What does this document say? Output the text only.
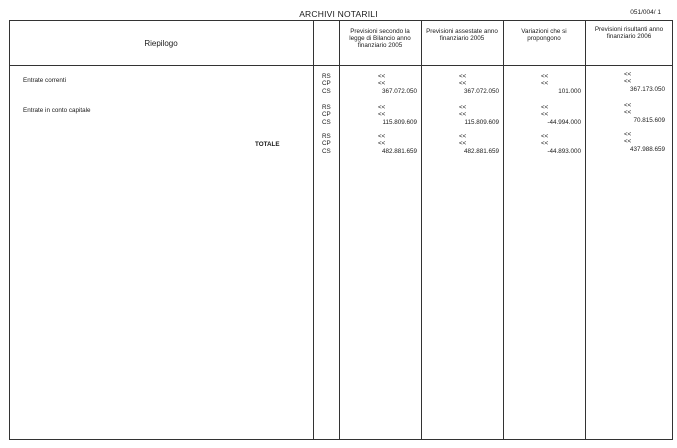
ARCHIVI NOTARILI	051/004/ 1
Riepilogo
Previsioni secondo la legge di Bilancio anno finanziario 2005
Previsioni assestate anno finanziario 2005
Variazioni che si propongono
Previsioni risultanti anno finanziario 2006
Entrate correnti
RS
CP
CS
<<
<<
367.072.050
<<
<<
367.072.050
<<
<<
101.000
<<
<<
367.173.050
Entrate in conto capitale	RS
CP
CS
<<
<<
115.809.609
<<
<<
115.809.609
<<
<<
-44.994.000
<<
<<
70.815.609
TOTALE
RS
CP
CS
<<
<<
482.881.659
<<
<<
482.881.659
<<
<<
-44.893.000
<<
<<
437.988.659
